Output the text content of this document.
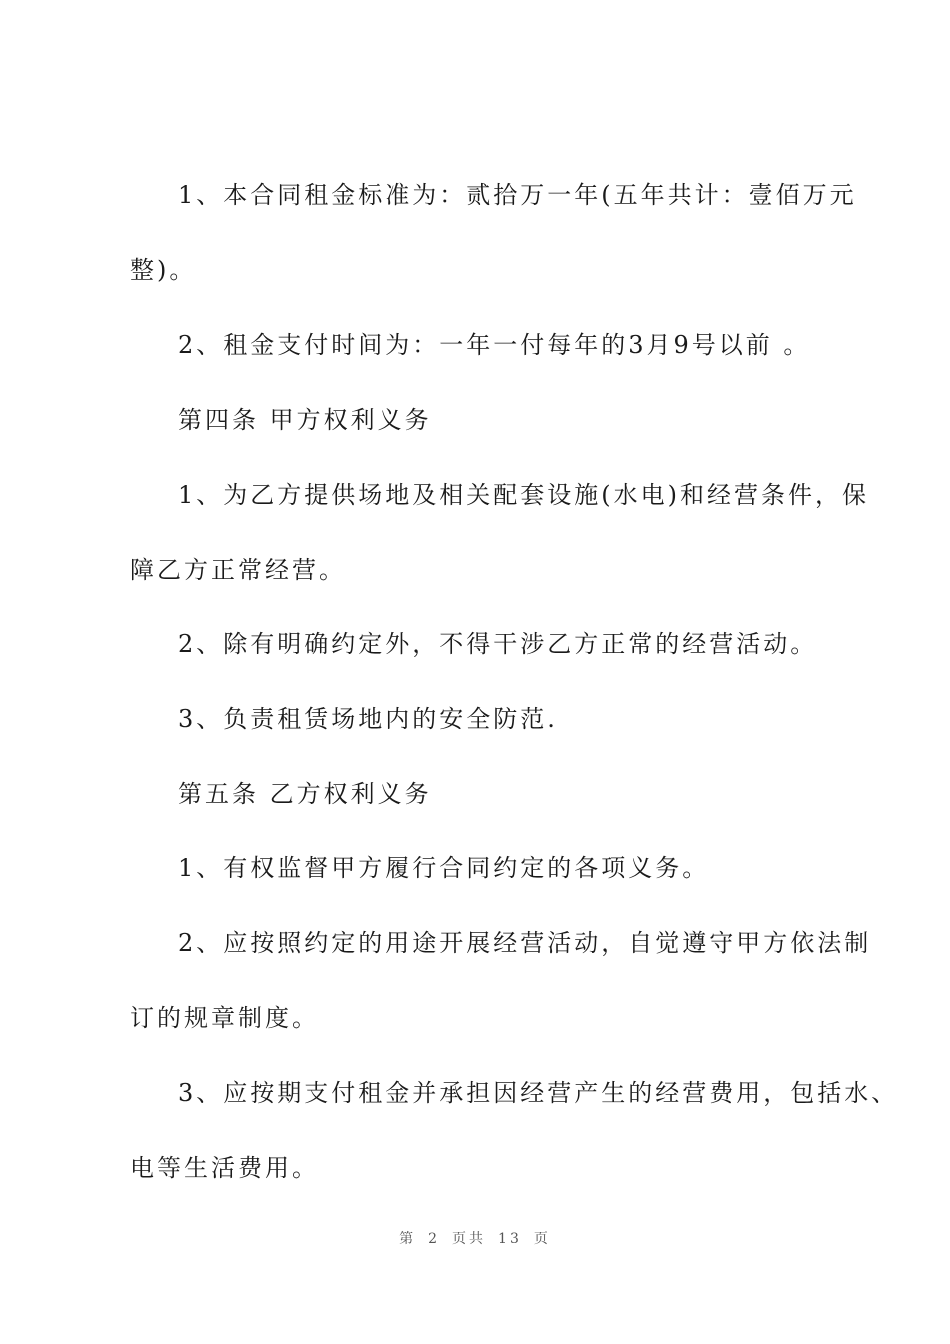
1、本合同租金标准为：贰拾万一年(五年共计：壹佰万元
整)。
2、租金支付时间为：一年一付每年的3月9号以前 。
第四条 甲方权利义务
1、为乙方提供场地及相关配套设施(水电)和经营条件，保
障乙方正常经营。
2、除有明确约定外，不得干涉乙方正常的经营活动。
3、负责租赁场地内的安全防范.
第五条 乙方权利义务
1、有权监督甲方履行合同约定的各项义务。
2、应按照约定的用途开展经营活动，自觉遵守甲方依法制
订的规章制度。
3、应按期支付租金并承担因经营产生的经营费用，包括水、
电等生活费用。
第 2 页共 13 页
